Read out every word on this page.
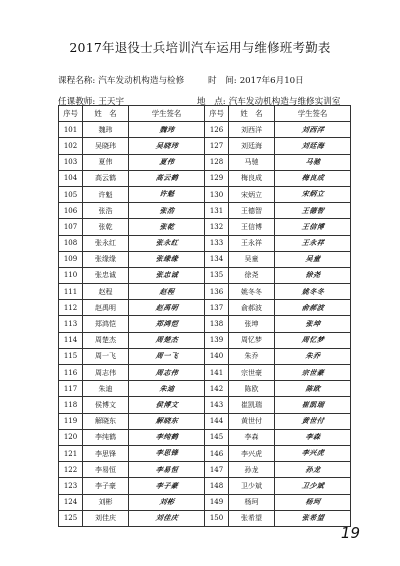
2017年退役士兵培训汽车运用与维修班考勤表
课程名称: 汽车发动机构造与检修	时　间: 2017年6月10日
任课教师: 王天宇	地　点: 汽车发动机构造与维修实训室
序号	姓　名	学生签名	序号	姓　名	学生签名
101	魏玮	魏玮	126	刘西洋	刘西洋
102	吴晓玮	吴晓玮	127	刘廷海	刘廷海
103	夏伟	夏伟	128	马驰	马驰
104	高云鹤	高云鹤	129	梅良成	梅良成
105	许魁	许魁	130	宋炳立	宋炳立
106	张浩	张浩	131	王德智	王德智
107	张乾	张乾	132	王信博	王信博
108	张永红	张永红	133	王永祥	王永祥
109	张缘缘	张缘缘	134	吴童	吴童
110	张忠诚	张忠诚	135	徐尧	徐尧
111	赵程	赵程	136	姚冬冬	姚冬冬
112	赵禹明	赵禹明	137	俞郝波	俞郝波
113	郑鸿恺	郑鸿恺	138	张坤	张坤
114	周楚杰	周楚杰	139	周忆梦	周忆梦
115	周一飞	周一飞	140	朱乔	朱乔
116	周志伟	周志伟	141	宗世豪	宗世豪
117	朱迪	朱迪	142	陈欧	陈欧
118	侯博文	侯博文	143	崔凯瑞	崔凯瑞
119	解晓东	解晓东	144	黄世付	黄世付
120	李纯鹤	李纯鹤	145	李森	李森
121	李思锋	李思锋	146	李兴虎	李兴虎
122	李易恒	李易恒	147	孙龙	孙龙
123	李子豪	李子豪	148	卫少斌	卫少斌
124	刘彬	刘彬	149	杨珂	杨珂
125	刘佳庆	刘佳庆	150	张希望	张希望
19
